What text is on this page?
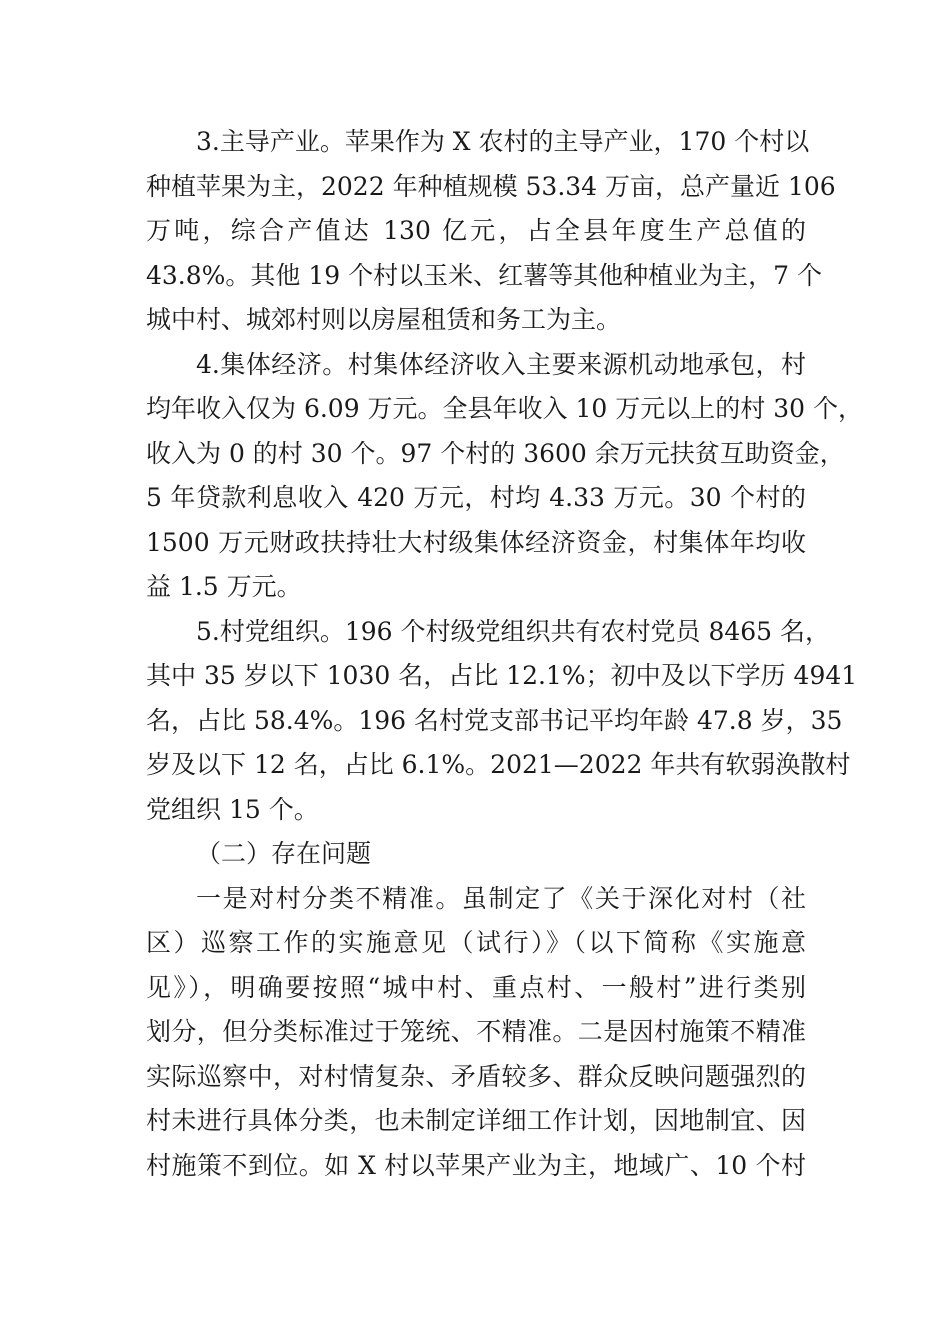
3.主导产业。苹果作为 X 农村的主导产业，170 个村以
种植苹果为主，2022 年种植规模 53.34 万亩，总产量近 106
万吨，综合产值达 130 亿元，占全县年度生产总值的
43.8%。其他 19 个村以玉米、红薯等其他种植业为主，7 个
城中村、城郊村则以房屋租赁和务工为主。
4.集体经济。村集体经济收入主要来源机动地承包，村
均年收入仅为 6.09 万元。全县年收入 10 万元以上的村 30 个，
收入为 0 的村 30 个。97 个村的 3600 余万元扶贫互助资金，
5 年贷款利息收入 420 万元，村均 4.33 万元。30 个村的
1500 万元财政扶持壮大村级集体经济资金，村集体年均收
益 1.5 万元。
5.村党组织。196 个村级党组织共有农村党员 8465 名，
其中 35 岁以下 1030 名，占比 12.1%；初中及以下学历 4941
名，占比 58.4%。196 名村党支部书记平均年龄 47.8 岁，35
岁及以下 12 名，占比 6.1%。2021—2022 年共有软弱涣散村
党组织 15 个。
（二）存在问题
一是对村分类不精准。虽制定了《关于深化对村（社
区）巡察工作的实施意见（试行）》（以下简称《实施意
见》），明确要按照“城中村、重点村、一般村”进行类别
划分，但分类标准过于笼统、不精准。二是因村施策不精准
实际巡察中，对村情复杂、矛盾较多、群众反映问题强烈的
村未进行具体分类，也未制定详细工作计划，因地制宜、因
村施策不到位。如 X 村以苹果产业为主，地域广、10 个村
